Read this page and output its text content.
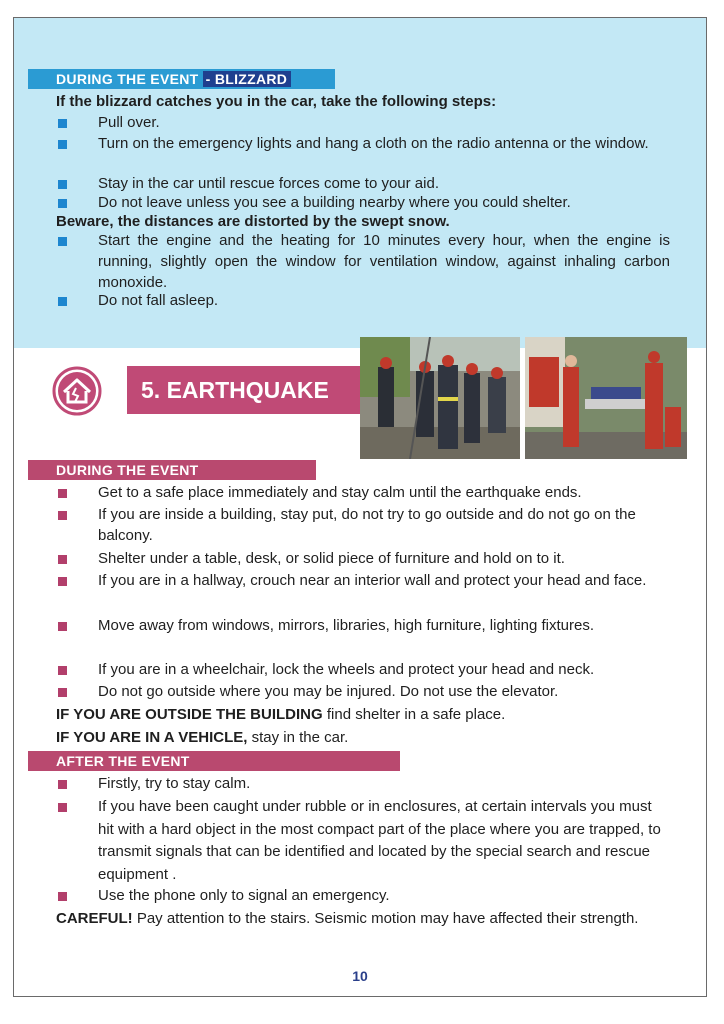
DURING THE EVENT - BLIZZARD
If the blizzard catches you in the car, take the following steps:
Pull over.
Turn on the emergency lights and hang a cloth on the radio antenna or the window.
Stay in the car until rescue forces come to your aid.
Do not leave unless you see a building nearby where you could shelter.
Beware, the distances are distorted by the swept snow.
Start the engine and the heating for 10 minutes every hour, when the engine is running, slightly open the window for ventilation window, against inhaling carbon monoxide.
Do not fall asleep.
5. EARTHQUAKE
DURING THE EVENT
Get to a safe place immediately and stay calm until the earthquake ends.
If you are inside a building, stay put, do not try to go outside and do not go on the balcony.
Shelter under a table, desk, or solid piece of furniture and hold on to it.
If you are in a hallway, crouch near an interior wall and protect your head and face.
Move away from windows, mirrors, libraries, high furniture, lighting fixtures.
If you are in a wheelchair, lock the wheels and protect your head and neck.
Do not go outside where you may be injured. Do not use the elevator.
IF YOU ARE OUTSIDE THE BUILDING find shelter in a safe place.
IF YOU ARE IN A VEHICLE, stay in the car.
AFTER THE EVENT
Firstly, try to stay calm.
If you have been caught under rubble or in enclosures, at certain intervals you must hit with a hard object in the most compact part of the place where you are trapped, to transmit signals that can be identified and located by the special search and rescue equipment .
Use the phone only to signal an emergency.
CAREFUL! Pay attention to the stairs. Seismic motion may have affected their strength.
10
